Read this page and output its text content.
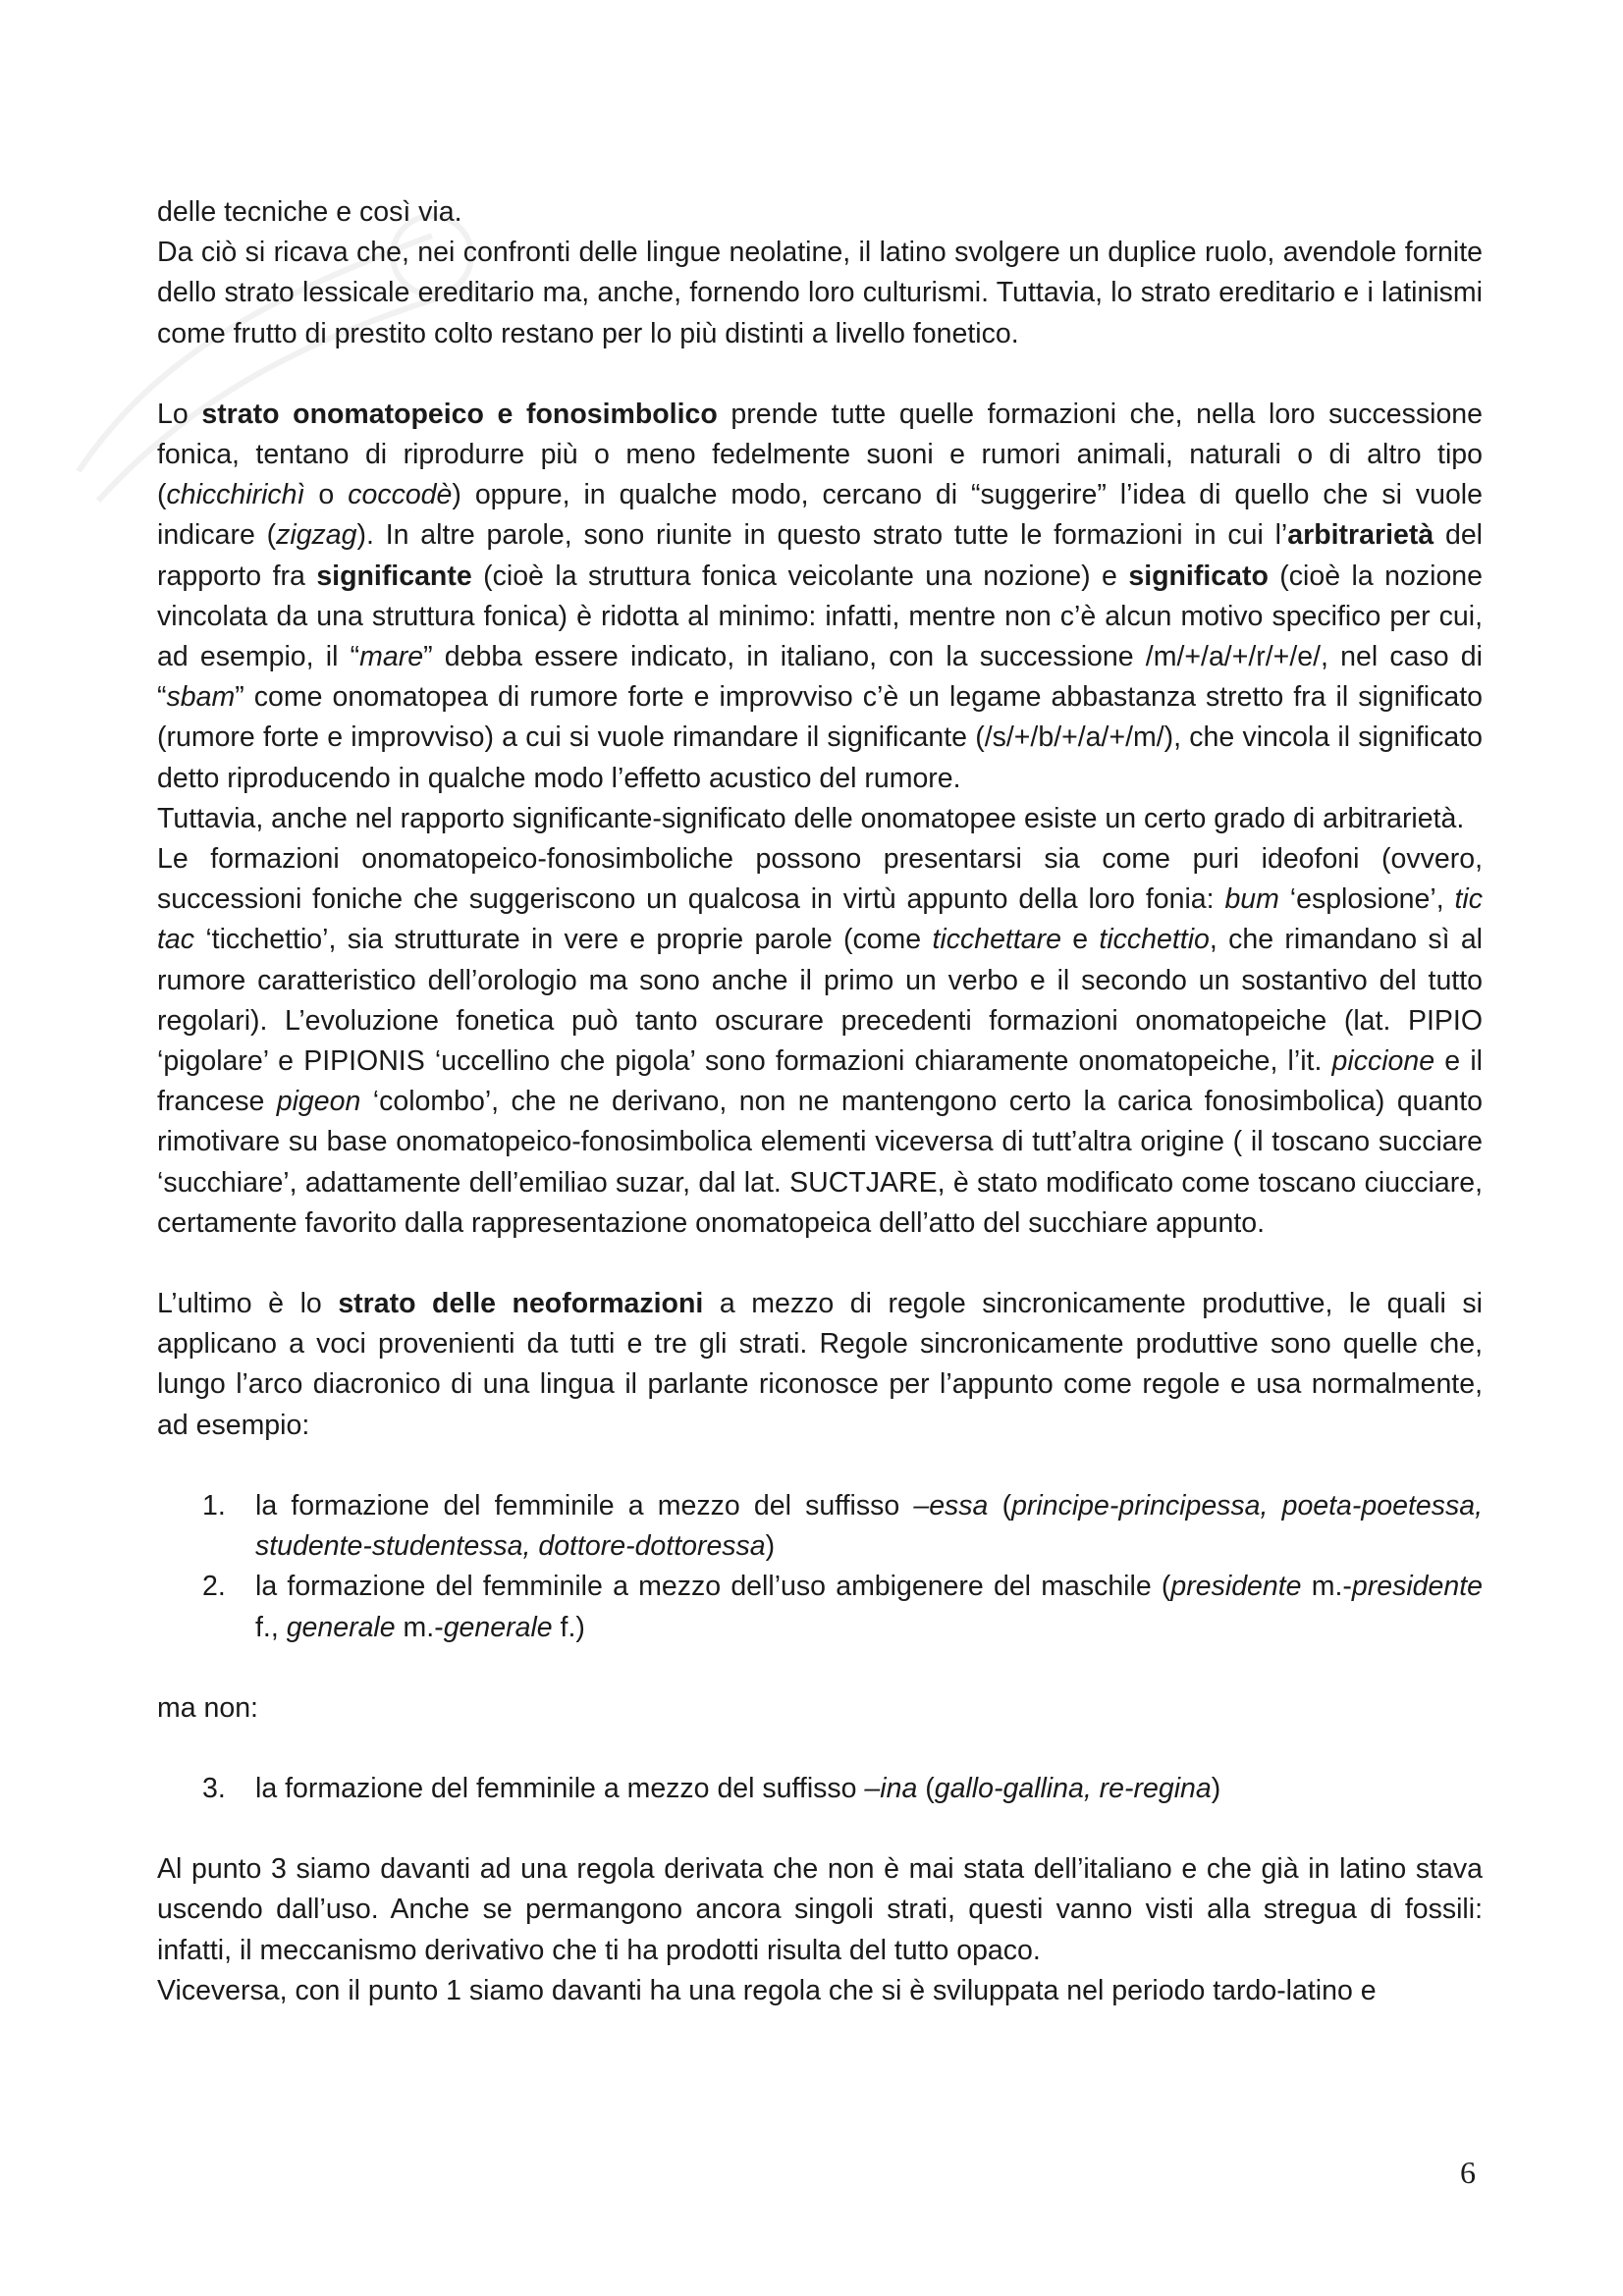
delle tecniche e così via.

Da ciò si ricava che, nei confronti delle lingue neolatine, il latino svolgere un duplice ruolo, avendole fornite dello strato lessicale ereditario ma, anche, fornendo loro culturismi. Tuttavia, lo strato ereditario e i latinismi come frutto di prestito colto restano per lo più distinti a livello fonetico.

Lo strato onomatopeico e fonosimbolico prende tutte quelle formazioni che, nella loro successione fonica, tentano di riprodurre più o meno fedelmente suoni e rumori animali, naturali o di altro tipo (chicchirichì o coccodè) oppure, in qualche modo, cercano di “suggerire” l’idea di quello che si vuole indicare (zigzag). In altre parole, sono riunite in questo strato tutte le formazioni in cui l’arbitrarietà del rapporto fra significante (cioè la struttura fonica veicolante una nozione) e significato (cioè la nozione vincolata da una struttura fonica) è ridotta al minimo: infatti, mentre non c’è alcun motivo specifico per cui, ad esempio, il “mare” debba essere indicato, in italiano, con la successione /m/+/a/+/r/+/e/, nel caso di “sbam” come onomatopea di rumore forte e improvviso c’è un legame abbastanza stretto fra il significato (rumore forte e improvviso) a cui si vuole rimandare il significante (/s/+/b/+/a/+/m/), che vincola il significato detto riproducendo in qualche modo l’effetto acustico del rumore.

Tuttavia, anche nel rapporto significante-significato delle onomatopee esiste un certo grado di arbitrarietà.

Le formazioni onomatopeico-fonosimboliche possono presentarsi sia come puri ideofoni (ovvero, successioni foniche che suggeriscono un qualcosa in virtù appunto della loro fonia: bum ‘esplosione’, tic tac ‘ticchettio’, sia strutturate in vere e proprie parole (come ticchettare e ticchettio, che rimandano sì al rumore caratteristico dell’orologio ma sono anche il primo un verbo e il secondo un sostantivo del tutto regolari). L’evoluzione fonetica può tanto oscurare precedenti formazioni onomatopeiche (lat. PIPIO ‘pigolare’ e PIPIONIS ‘uccellino che pigola’ sono formazioni chiaramente onomatopeiche, l’it. piccione e il francese pigeon ‘colombo’, che ne derivano, non ne mantengono certo la carica fonosimbolica) quanto rimotivare su base onomatopeico-fonosimbolica elementi viceversa di tutt’altra origine ( il toscano succiare ‘succhiare’, adattamente dell’emiliao suzar, dal lat. SUCTJARE, è stato modificato come toscano ciucciare, certamente favorito dalla rappresentazione onomatopeica dell’atto del succhiare appunto.

L’ultimo è lo strato delle neoformazioni a mezzo di regole sincronicamente produttive, le quali si applicano a voci provenienti da tutti e tre gli strati. Regole sincronicamente produttive sono quelle che, lungo l’arco diacronico di una lingua il parlante riconosce per l’appunto come regole e usa normalmente, ad esempio:

1. la formazione del femminile a mezzo del suffisso –essa (principe-principessa, poeta-poetessa, studente-studentessa, dottore-dottoressa)
2. la formazione del femminile a mezzo dell’uso ambigenere del maschile (presidente m.-presidente f., generale m.-generale f.)

ma non:

3. la formazione del femminile a mezzo del suffisso –ina (gallo-gallina, re-regina)

Al punto 3 siamo davanti ad una regola derivata che non è mai stata dell’italiano e che già in latino stava uscendo dall’uso. Anche se permangono ancora singoli strati, questi vanno visti alla stregua di fossili: infatti, il meccanismo derivativo che ti ha prodotti risulta del tutto opaco.

Viceversa, con il punto 1 siamo davanti ha una regola che si è sviluppata nel periodo tardo-latino e

6
